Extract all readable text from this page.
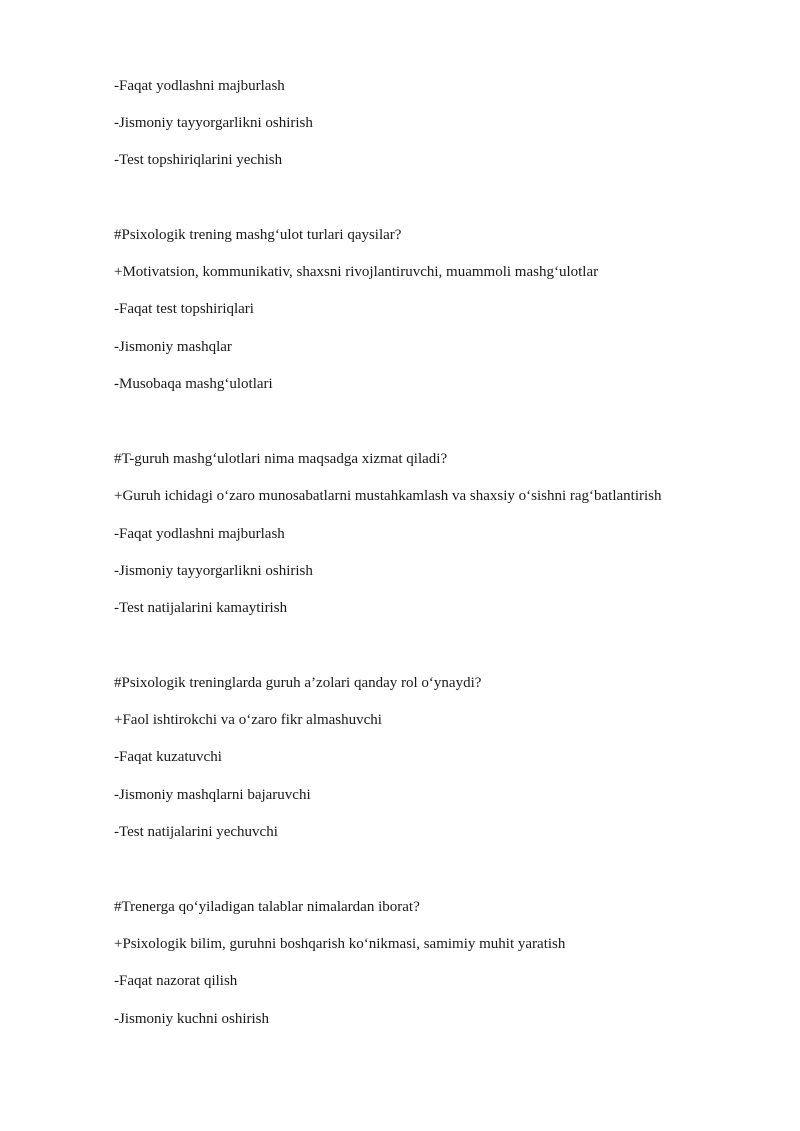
-Faqat yodlashni majburlash
-Jismoniy tayyorgarlikni oshirish
-Test topshiriqlarini yechish
#Psixologik trening mashg‘ulot turlari qaysilar?
+Motivatsion, kommunikativ, shaxsni rivojlantiruvchi, muammoli mashg‘ulotlar
-Faqat test topshiriqlari
-Jismoniy mashqlar
-Musobaqa mashg‘ulotlari
#T-guruh mashg‘ulotlari nima maqsadga xizmat qiladi?
+Guruh ichidagi o‘zaro munosabatlarni mustahkamlash va shaxsiy o‘sishni rag‘batlantirish
-Faqat yodlashni majburlash
-Jismoniy tayyorgarlikni oshirish
-Test natijalarini kamaytirish
#Psixologik treninglarda guruh a’zolari qanday rol o‘ynaydi?
+Faol ishtirokchi va o‘zaro fikr almashuvchi
-Faqat kuzatuvchi
-Jismoniy mashqlarni bajaruvchi
-Test natijalarini yechuvchi
#Trenerga qo‘yiladigan talablar nimalardan iborat?
+Psixologik bilim, guruhni boshqarish ko‘nikmasi, samimiy muhit yaratish
-Faqat nazorat qilish
-Jismoniy kuchni oshirish
